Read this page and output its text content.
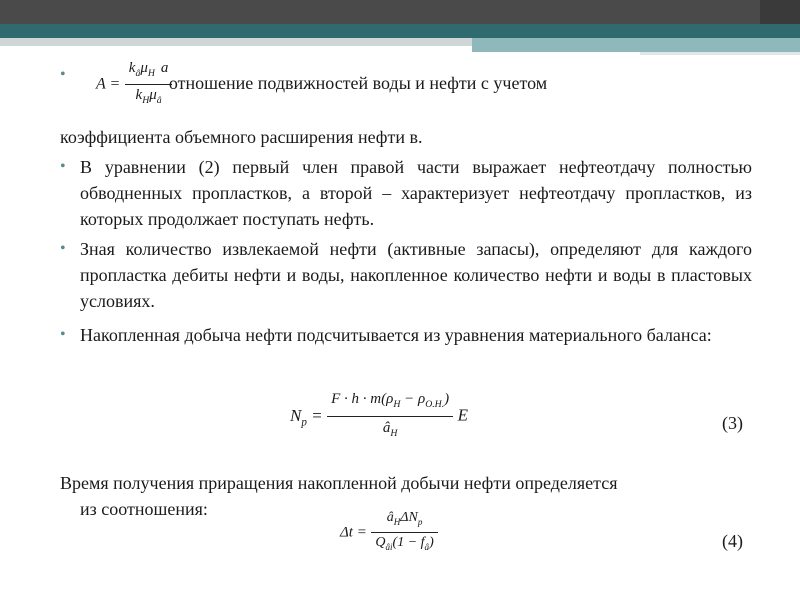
•
$A = \frac{k_â\mu_H a}{k_H\mu_â}$
отношение подвижностей воды и нефти с учетом
коэффициента объемного расширения нефти в.
• В уравнении (2) первый член правой части выражает нефтеотдачу полностью обводненных пропластков, а второй – характеризует нефтеотдачу пропластков, из которых продолжает поступать нефть.
• Зная количество извлекаемой нефти (активные запасы), определяют для каждого пропластка дебиты нефти и воды, накопленное количество нефти и воды в пластовых условиях.
• Накопленная добыча нефти подсчитывается из уравнения материального баланса:
$N_p = \frac{F \cdot h \cdot m(\rho_H - \rho_{O.H.})}{â_H}$ E	(3)
Время получения приращения накопленной добычи нефти определяется
из соотношения:
$\Delta t = \frac{â_H\Delta N_p}{Q_{âi}(1 - f_â)}$	(4)
